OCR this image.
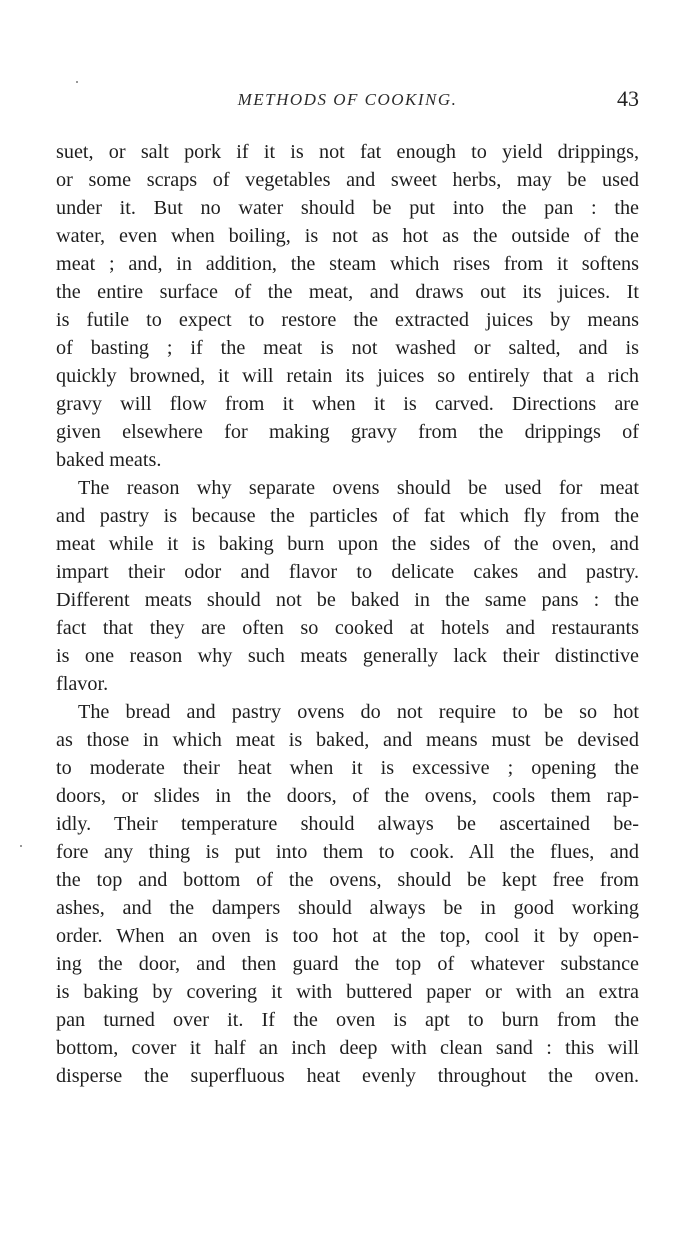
METHODS OF COOKING.	43
suet, or salt pork if it is not fat enough to yield drippings,
or some scraps of vegetables and sweet herbs, may be used
under it. But no water should be put into the pan : the
water, even when boiling, is not as hot as the outside of the
meat ; and, in addition, the steam which rises from it softens
the entire surface of the meat, and draws out its juices. It
is futile to expect to restore the extracted juices by means
of basting ; if the meat is not washed or salted, and is
quickly browned, it will retain its juices so entirely that a rich
gravy will flow from it when it is carved. Directions are
given elsewhere for making gravy from the drippings of
baked meats.
The reason why separate ovens should be used for meat
and pastry is because the particles of fat which fly from the
meat while it is baking burn upon the sides of the oven, and
impart their odor and flavor to delicate cakes and pastry.
Different meats should not be baked in the same pans : the
fact that they are often so cooked at hotels and restaurants
is one reason why such meats generally lack their distinctive
flavor.
The bread and pastry ovens do not require to be so hot
as those in which meat is baked, and means must be devised
to moderate their heat when it is excessive ; opening the
doors, or slides in the doors, of the ovens, cools them rap-
idly. Their temperature should always be ascertained be-
fore any thing is put into them to cook. All the flues, and
the top and bottom of the ovens, should be kept free from
ashes, and the dampers should always be in good working
order. When an oven is too hot at the top, cool it by open-
ing the door, and then guard the top of whatever substance
is baking by covering it with buttered paper or with an extra
pan turned over it. If the oven is apt to burn from the
bottom, cover it half an inch deep with clean sand : this will
disperse the superfluous heat evenly throughout the oven.
